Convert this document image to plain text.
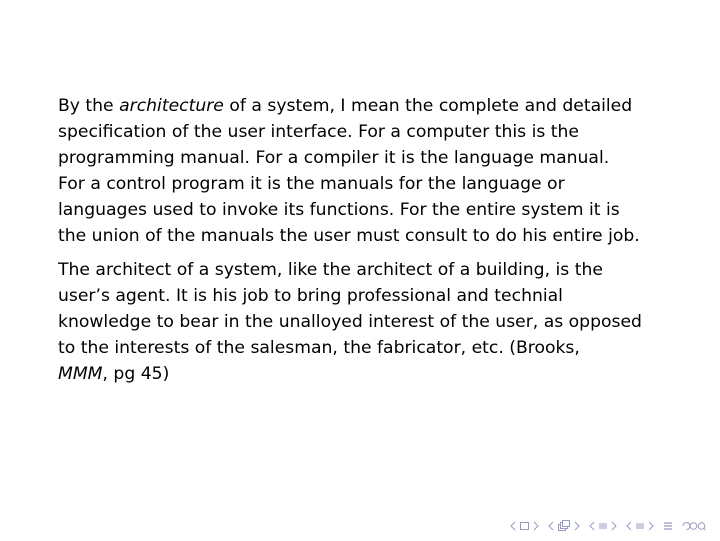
By the architecture of a system, I mean the complete and detailed
specification of the user interface. For a computer this is the
programming manual. For a compiler it is the language manual.
For a control program it is the manuals for the language or
languages used to invoke its functions. For the entire system it is
the union of the manuals the user must consult to do his entire job.

The architect of a system, like the architect of a building, is the
user’s agent. It is his job to bring professional and technial
knowledge to bear in the unalloyed interest of the user, as opposed
to the interests of the salesman, the fabricator, etc. (Brooks,
MMM, pg 45)
